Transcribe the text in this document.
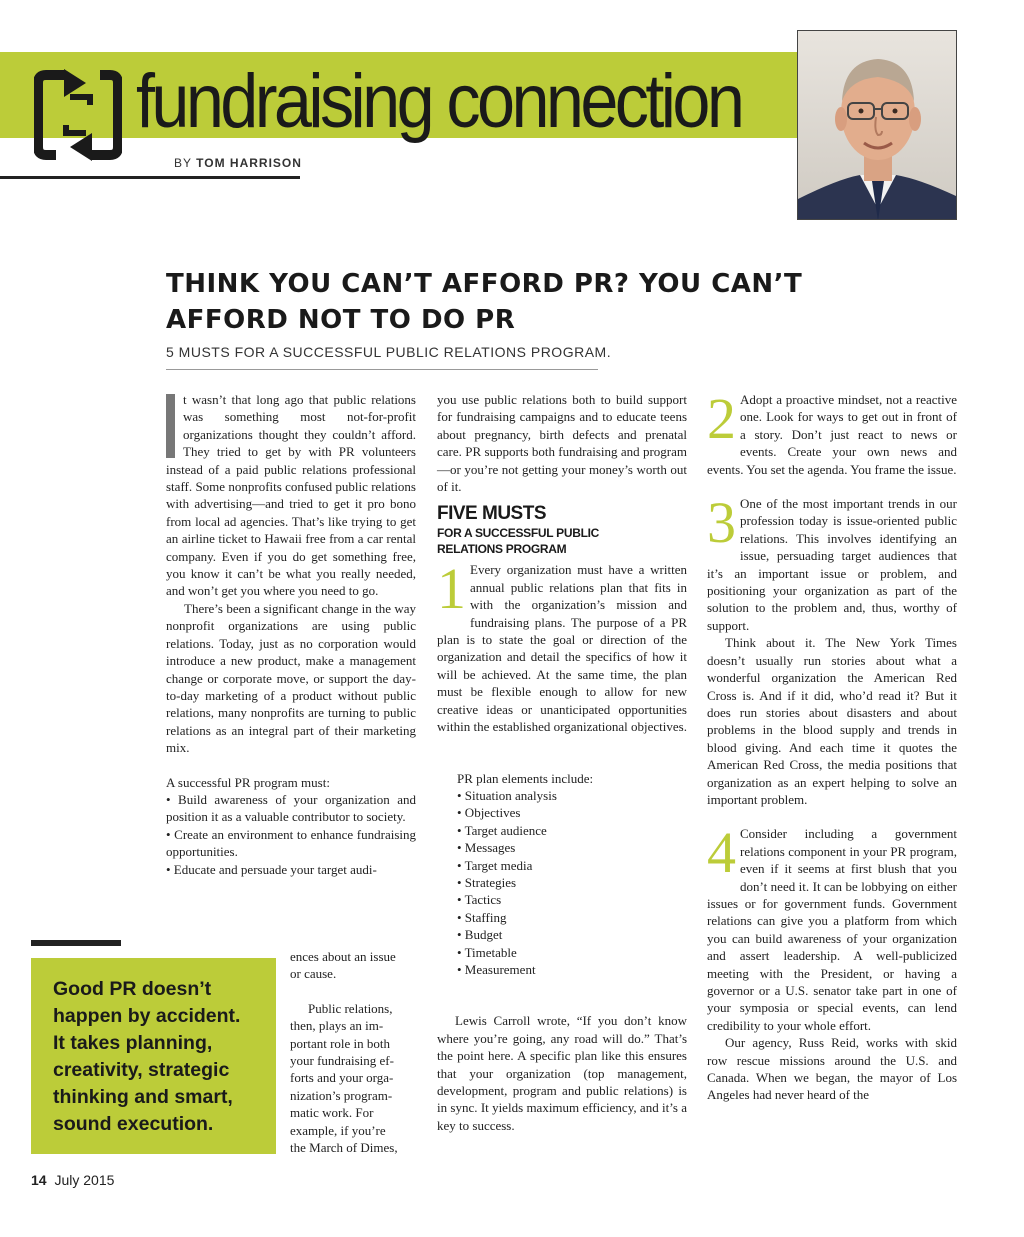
fundraising connection
BY TOM HARRISON
THINK YOU CAN’T AFFORD PR? YOU CAN’T
AFFORD NOT TO DO PR
5 MUSTS FOR A SUCCESSFUL PUBLIC RELATIONS PROGRAM.

t wasn’t that long ago that public relations was something most not-for-profit organizations thought they couldn’t afford. They tried to get by with PR volunteers instead of a paid public relations professional staff. Some nonprofits confused public relations with advertising—and tried to get it pro bono from local ad agencies. That’s like trying to get an airline ticket to Hawaii free from a car rental company. Even if you do get something free, you know it can’t be what you really needed, and won’t get you where you need to go.

There’s been a significant change in the way nonprofit organizations are using public relations. Today, just as no corporation would introduce a new product, make a management change or corporate move, or support the day-to-day marketing of a product without public relations, many nonprofits are turning to public relations as an integral part of their marketing mix.

A successful PR program must:

• Build awareness of your organization and position it as a valuable contributor to society.

• Create an environment to enhance fundraising opportunities.

• Educate and persuade your target audi-

ences about an issue
or cause.
Public relations,
then, plays an im-
portant role in both
your fundraising ef-
forts and your orga-
nization’s program-
matic work. For
example, if you’re
the March of Dimes,

you use public relations both to build support for fundraising campaigns and to educate teens about pregnancy, birth defects and prenatal care. PR supports both fundraising and program—or you’re not getting your money’s worth out of it.

FIVE MUSTS
FOR A SUCCESSFUL PUBLIC
RELATIONS PROGRAM

1 Every organization must have a written annual public relations plan that fits in with the organization’s mission and fundraising plans. The purpose of a PR plan is to state the goal or direction of the organization and detail the specifics of how it will be achieved. At the same time, the plan must be flexible enough to allow for new creative ideas or unanticipated opportunities within the established organizational objectives.

PR plan elements include:

• Situation analysis
• Objectives
• Target audience
• Messages
• Target media
• Strategies
• Tactics
• Staffing
• Budget
• Timetable
• Measurement

Lewis Carroll wrote, “If you don’t know where you’re going, any road will do.” That’s the point here. A specific plan like this ensures that your organization (top management, development, program and public relations) is in sync. It yields maximum efficiency, and it’s a key to success.

2 Adopt a proactive mindset, not a reactive one. Look for ways to get out in front of a story. Don’t just react to news or events. Create your own news and events. You set the agenda. You frame the issue.

3 One of the most important trends in our profession today is issue-oriented public relations. This involves identifying an issue, persuading target audiences that it’s an important issue or problem, and positioning your organization as part of the solution to the problem and, thus, worthy of support.

Think about it. The New York Times doesn’t usually run stories about what a wonderful organization the American Red Cross is. And if it did, who’d read it? But it does run stories about disasters and about problems in the blood supply and trends in blood giving. And each time it quotes the American Red Cross, the media positions that organization as an expert helping to solve an important problem.

4 Consider including a government relations component in your PR program, even if it seems at first blush that you don’t need it. It can be lobbying on either issues or for government funds. Government relations can give you a platform from which you can build awareness of your organization and assert leadership. A well-publicized meeting with the President, or having a governor or a U.S. senator take part in one of your symposia or special events, can lend credibility to your whole effort.

Our agency, Russ Reid, works with skid row rescue missions around the U.S. and Canada. When we began, the mayor of Los Angeles had never heard of the

Good PR doesn’t
happen by accident.
It takes planning,
creativity, strategic
thinking and smart,
sound execution.
14 July 2015
